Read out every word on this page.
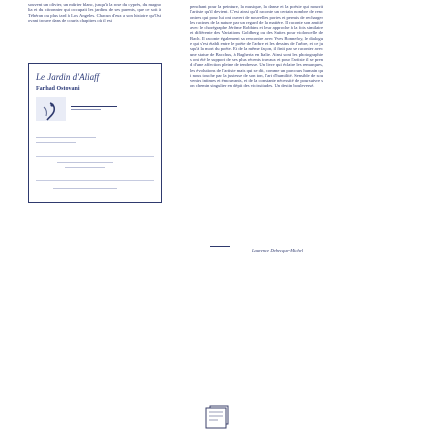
souvent un olivier, un mûrier blanc, jusqu'à la rose du cyprès, du magnolia et du citronnier qui occupait les jardins de ses parents, que ce soit à Téhéran ou plus tard à Los Angeles. Chacun d'eux a son histoire qu'Ostovani trouve dans de courts chapitres où il est

Le Jardin d'Aliaff
Farhad Ostovani

penchant pour la peinture, la musique, la danse et la poésie qui nourrit l'artiste qu'il devient. C'est ainsi qu'il raconte un certain nombre de rencontres qui pour lui ont ouvert de nouvelles portes et permis de recharger les racines de la nature par un regard de la matière. Il raconte son amitié avec le chorégraphe Jérôme Robbins et leur approche à la fois similaire et différente des Variations Goldberg ou des Suites pour violoncelle de Bach. Il raconte également sa rencontre avec Yves Bonnefoy, le dialogue qui s'est établi entre le poète de l'arbre et les dessins de l'arbre, et ce jusqu'à la mort du poète. Et de la même façon, il finit par se raconter avec une statue de Bacchus, à Bagheria en Italie. Ainsi sont les photographies ont été le support de ses plus récents travaux et pour l'artiste il se prend d'une affection pleine de tendresse. Un livre qui éclaire les remarques, les évolutions de l'artiste mais qui se dit, comme un parcours humain qui nous touche par la justesse de son ton, l'art d'humilité. Sensible de souvenirs intimes et émouvants, et de la constante nécessité de poursuivre son chemin singulier en dépit des vicissitudes. Un destin bouleversé.

Laurence Debecque-Michel
